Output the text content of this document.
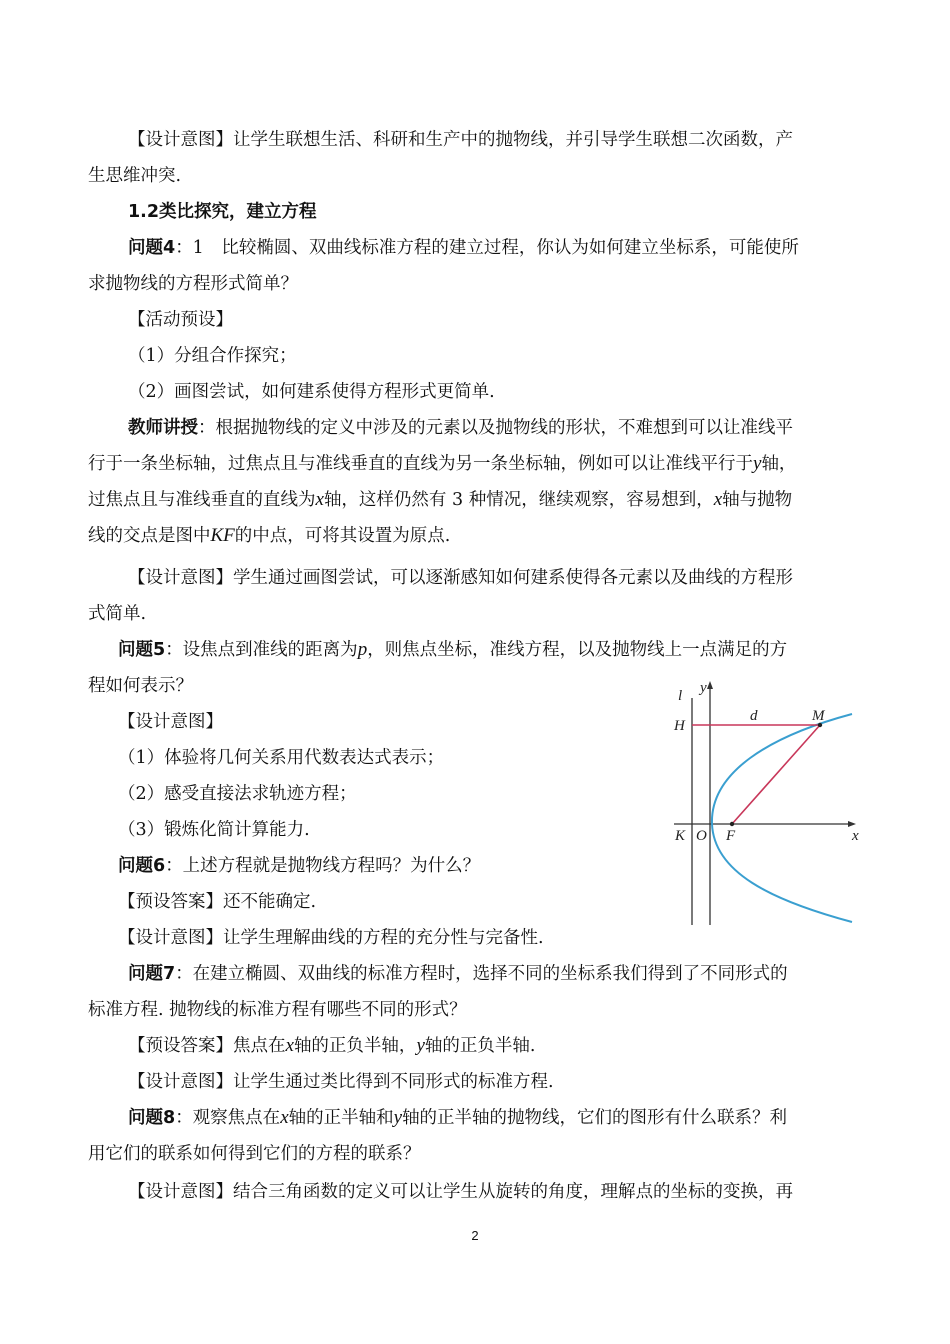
【设计意图】让学生联想生活、科研和生产中的抛物线，并引导学生联想二次函数，产
生思维冲突.
1.2类比探究，建立方程
问题4：1　比较椭圆、双曲线标准方程的建立过程，你认为如何建立坐标系，可能使所
求抛物线的方程形式简单？
【活动预设】
（1）分组合作探究；
（2）画图尝试，如何建系使得方程形式更简单.
教师讲授：根据抛物线的定义中涉及的元素以及抛物线的形状，不难想到可以让准线平
行于一条坐标轴，过焦点且与准线垂直的直线为另一条坐标轴，例如可以让准线平行于y轴，
过焦点且与准线垂直的直线为x轴，这样仍然有 3 种情况，继续观察，容易想到，x轴与抛物
线的交点是图中KF的中点，可将其设置为原点.
【设计意图】学生通过画图尝试，可以逐渐感知如何建系使得各元素以及曲线的方程形
式简单.
问题5：设焦点到准线的距离为p，则焦点坐标，准线方程，以及抛物线上一点满足的方
程如何表示？
【设计意图】
（1）体验将几何关系用代数表达式表示；
（2）感受直接法求轨迹方程；
（3）锻炼化简计算能力.
问题6：上述方程就是抛物线方程吗？为什么？
【预设答案】还不能确定.
【设计意图】让学生理解曲线的方程的充分性与完备性.
问题7：在建立椭圆、双曲线的标准方程时，选择不同的坐标系我们得到了不同形式的
标准方程. 抛物线的标准方程有哪些不同的形式？
【预设答案】焦点在x轴的正负半轴，y轴的正负半轴.
【设计意图】让学生通过类比得到不同形式的标准方程.
问题8：观察焦点在x轴的正半轴和y轴的正半轴的抛物线，它们的图形有什么联系？利
用它们的联系如何得到它们的方程的联系？
【设计意图】结合三角函数的定义可以让学生从旋转的角度，理解点的坐标的变换，再
l y
H
d	M
K O F	x
2
